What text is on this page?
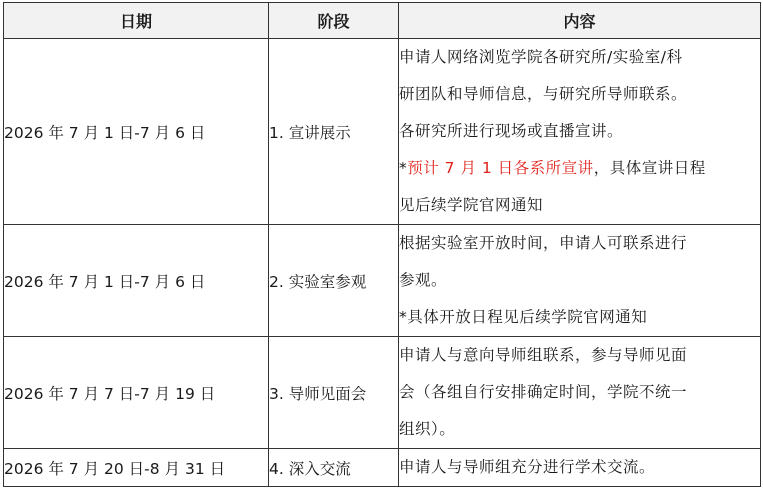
日期	阶段	内容
2026 年 7 月 1 日-7 月 6 日	1. 宣讲展示	申请人网络浏览学院各研究所/实验室/科
研团队和导师信息，与研究所导师联系。
各研究所进行现场或直播宣讲。
*预计 7 月 1 日各系所宣讲，具体宣讲日程
见后续学院官网通知

2026 年 7 月 1 日-7 月 6 日	2. 实验室参观	根据实验室开放时间，申请人可联系进行
参观。
*具体开放日程见后续学院官网通知

2026 年 7 月 7 日-7 月 19 日	3. 导师见面会	申请人与意向导师组联系，参与导师见面
会（各组自行安排确定时间，学院不统一
组织）。

2026 年 7 月 20 日-8 月 31 日	4. 深入交流	申请人与导师组充分进行学术交流。
